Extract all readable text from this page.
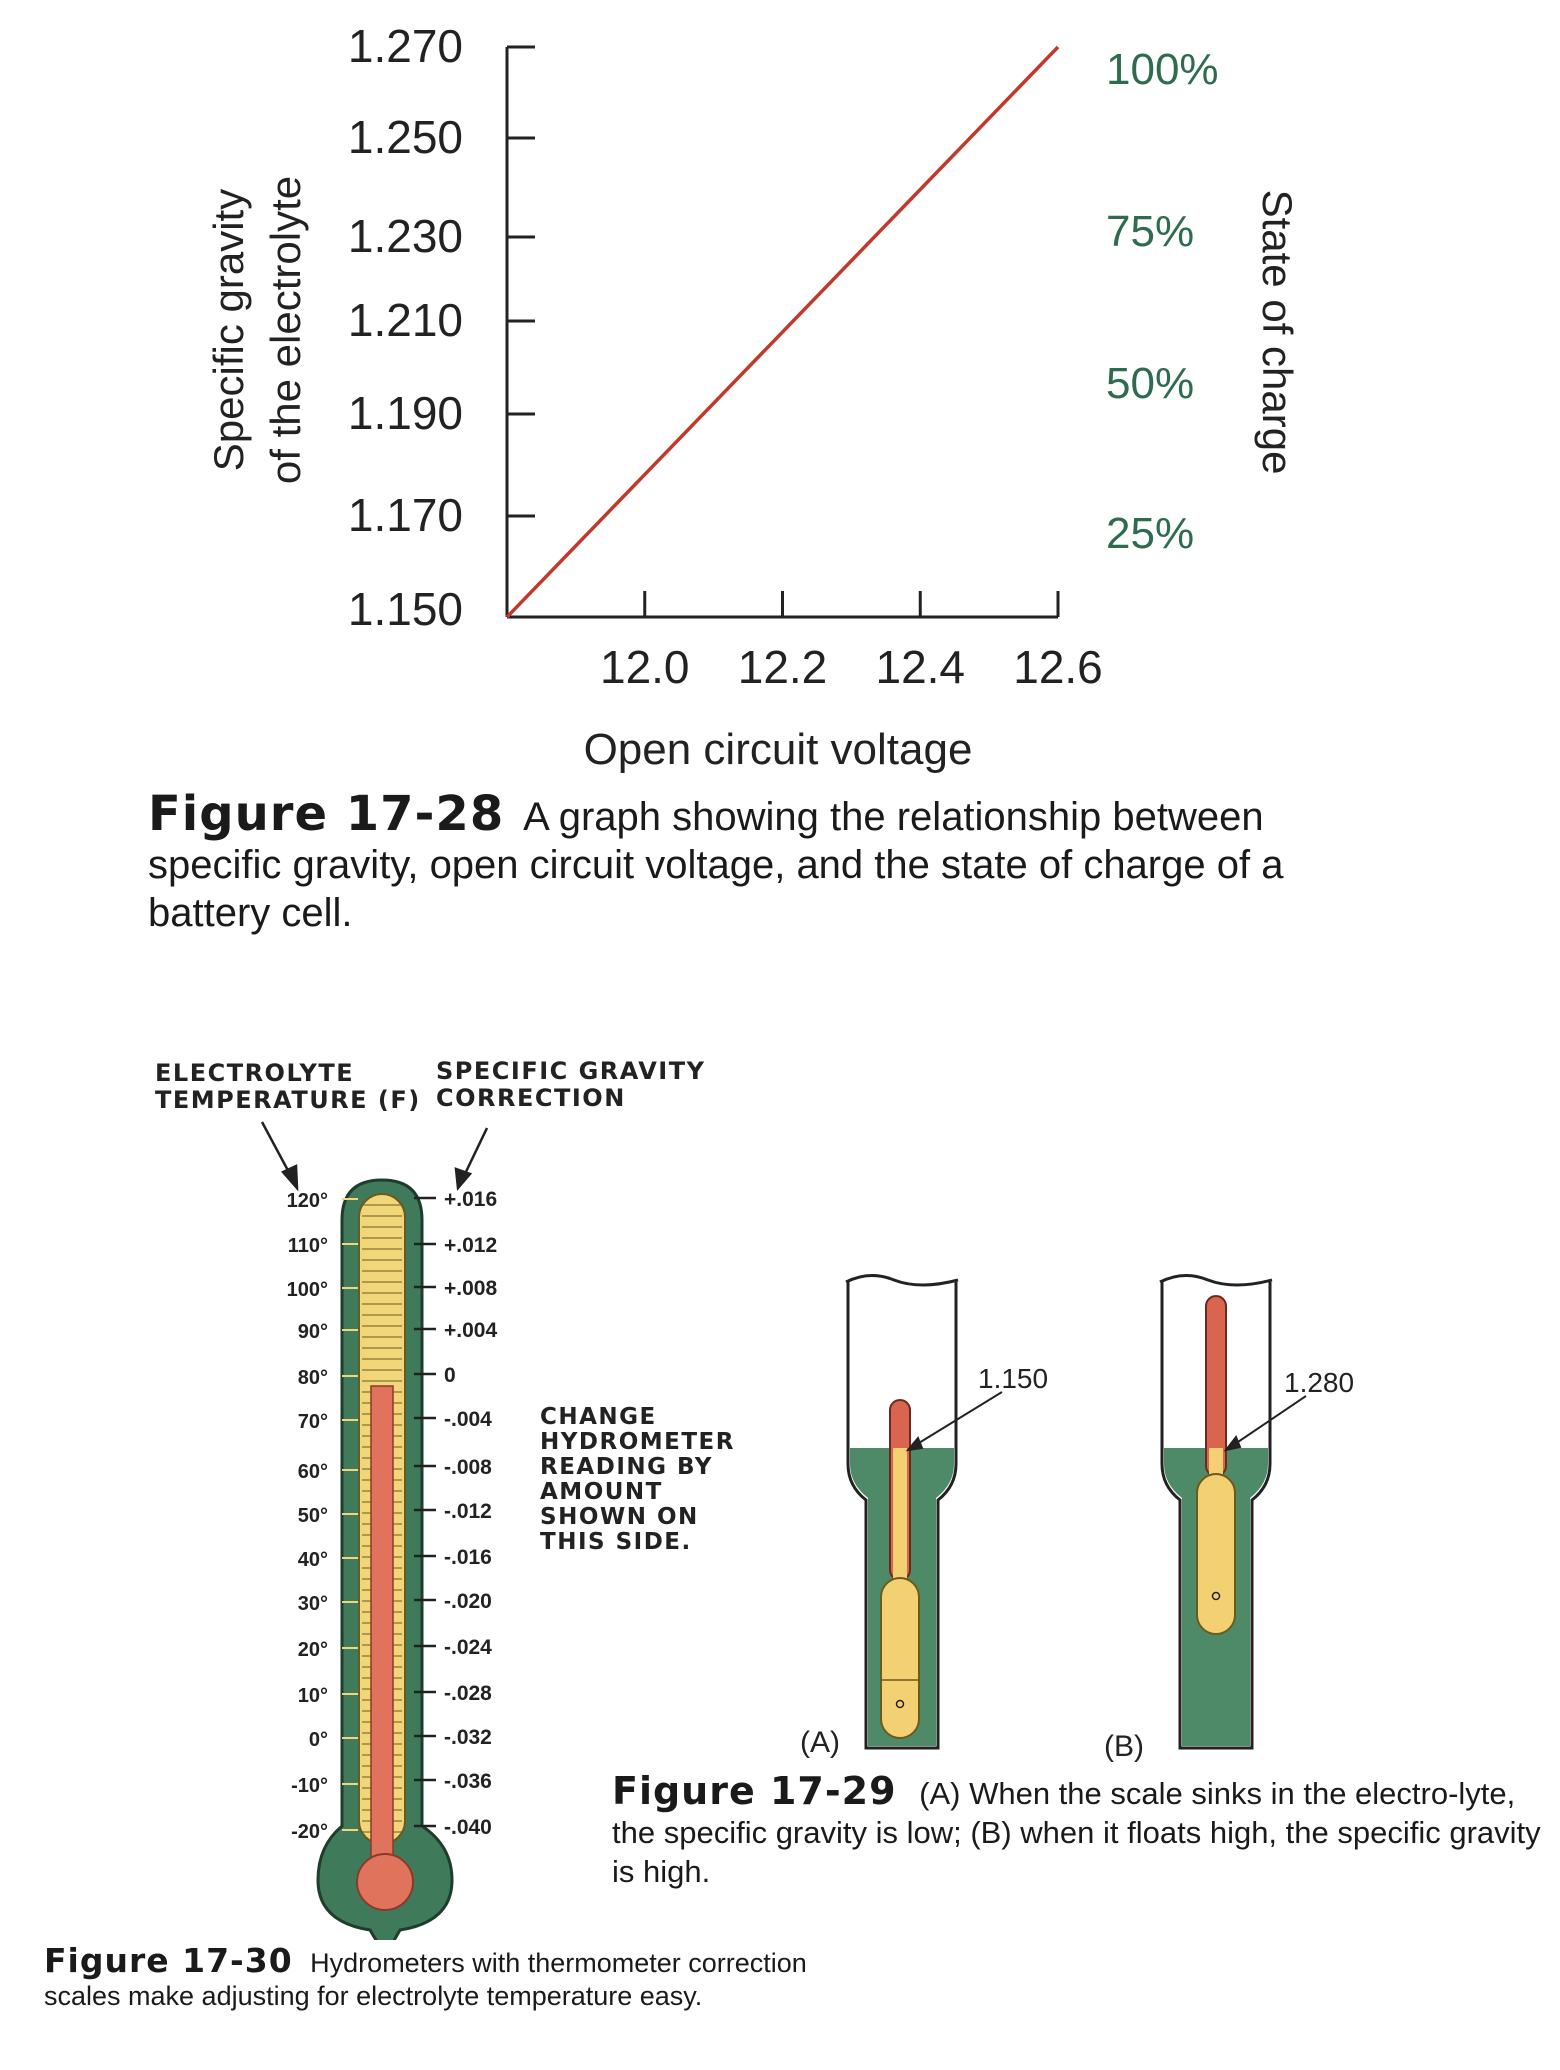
1.270
1.250
1.230
1.210
1.190
1.170
1.150
12.0 12.2 12.4 12.6
100%
75%
50%
25%
Specific gravity of the electrolyte
Open circuit voltage
State of charge
Figure 17-28 A graph showing the relationship between specific gravity, open circuit voltage, and the state of charge of a battery cell.
ELECTROLYTE
TEMPERATURE (F)
SPECIFIC GRAVITY
CORRECTION
CHANGE
HYDROMETER
READING BY
AMOUNT
SHOWN ON
THIS SIDE.
120°
110°
100°
90°
80°
70°
60°
50°
40°
30°
20°
10°
0°
-10°
-20°
+.016
+.012
+.008
+.004
0
-.004
-.008
-.012
-.016
-.020
-.024
-.028
-.032
-.036
-.040
1.150
(A)
1.280
(B)
Figure 17-29 (A) When the scale sinks in the electro-lyte, the specific gravity is low; (B) when it floats high, the specific gravity is high.
Figure 17-30 Hydrometers with thermometer correction scales make adjusting for electrolyte temperature easy.
